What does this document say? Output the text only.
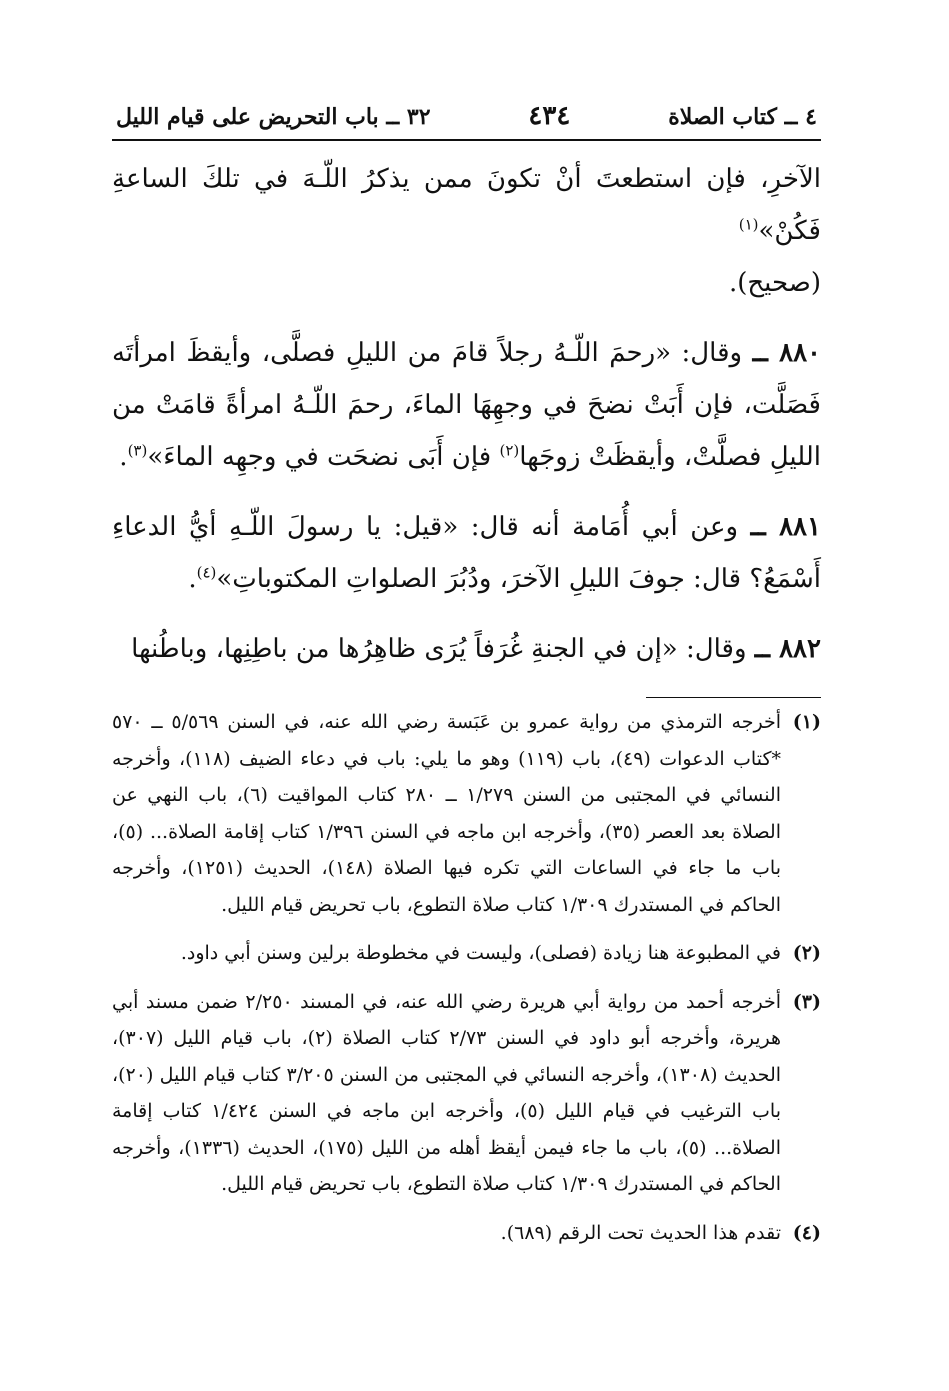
٤ ــ كتاب الصلاة
٤٣٤
٣٢ ــ باب التحريض على قيام الليل

الآخرِ، فإن استطعتَ أنْ تكونَ ممن يذكرُ اللّـهَ في تلكَ الساعةِ فَكُنْ»$^{(١)}$
(صحيح).

٨٨٠ ــ وقال: «رحمَ اللّـهُ رجلاً قامَ من الليلِ فصلَّى، وأيقظَ امرأتَه فَصَلَّت، فإن أَبَتْ نضحَ في وجهِهَا الماءَ، رحمَ اللّـهُ امرأةً قامَتْ من الليلِ فصلَّتْ، وأيقظَتْ زوجَها$^{(٢)}$ فإن أَبَى نضحَت في وجهِه الماءَ»$^{(٣)}$.

٨٨١ ــ وعن أبي أُمَامة أنه قال: «قيل: يا رسولَ اللّـهِ أيُّ الدعاءِ أَسْمَعُ؟ قال: جوفَ الليلِ الآخرَ، ودُبُرَ الصلواتِ المكتوباتِ»$^{(٤)}$.

٨٨٢ ــ وقال: «إن في الجنةِ غُرَفاً يُرَى ظاهِرُها من باطِنِها، وباطُنها

(١)
أخرجه الترمذي من رواية عمرو بن عَبَسة رضي الله عنه، في السنن ٥/٥٦٩ ــ ٥٧٠ *كتاب الدعوات (٤٩)، باب (١١٩) وهو ما يلي: باب في دعاء الضيف (١١٨)، وأخرجه النسائي في المجتبى من السنن ١/٢٧٩ ــ ٢٨٠ كتاب المواقيت (٦)، باب النهي عن الصلاة بعد العصر (٣٥)، وأخرجه ابن ماجه في السنن ١/٣٩٦ كتاب إقامة الصلاة... (٥)، باب ما جاء في الساعات التي تكره فيها الصلاة (١٤٨)، الحديث (١٢٥١)، وأخرجه الحاكم في المستدرك ١/٣٠٩ كتاب صلاة التطوع، باب تحريض قيام الليل.
(٢)
في المطبوعة هنا زيادة (فصلى)، وليست في مخطوطة برلين وسنن أبي داود.
(٣)
أخرجه أحمد من رواية أبي هريرة رضي الله عنه، في المسند ٢/٢٥٠ ضمن مسند أبي هريرة، وأخرجه أبو داود في السنن ٢/٧٣ كتاب الصلاة (٢)، باب قيام الليل (٣٠٧)، الحديث (١٣٠٨)، وأخرجه النسائي في المجتبى من السنن ٣/٢٠٥ كتاب قيام الليل (٢٠)، باب الترغيب في قيام الليل (٥)، وأخرجه ابن ماجه في السنن ١/٤٢٤ كتاب إقامة الصلاة... (٥)، باب ما جاء فيمن أيقظ أهله من الليل (١٧٥)، الحديث (١٣٣٦)، وأخرجه الحاكم في المستدرك ١/٣٠٩ كتاب صلاة التطوع، باب تحريض قيام الليل.
(٤)
تقدم هذا الحديث تحت الرقم (٦٨٩).
